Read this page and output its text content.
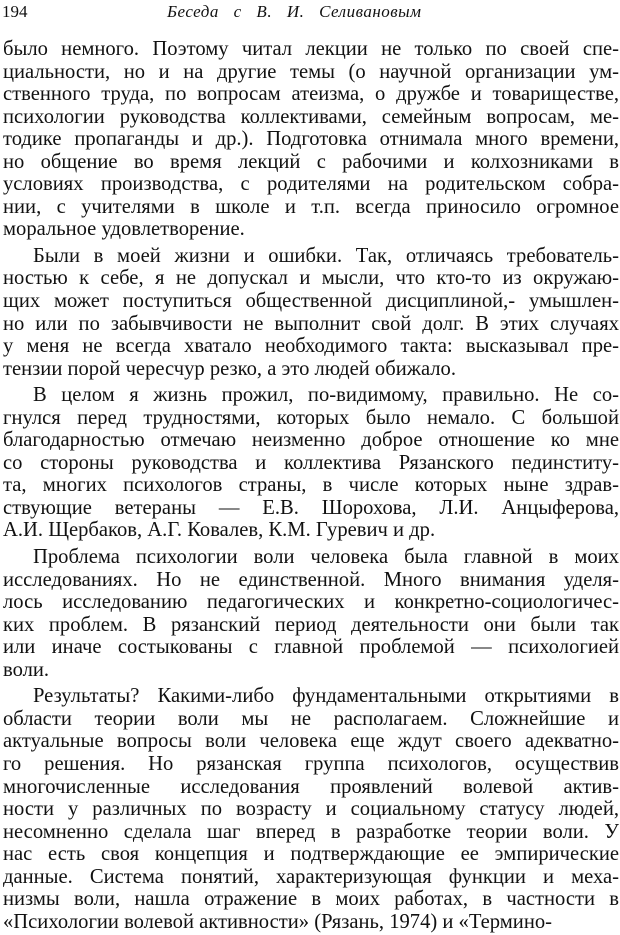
194	Беседа с В. И. Селивановым

было немного. Поэтому читал лекции не только по своей спе-
циальности, но и на другие темы (о научной организации ум-
ственного труда, по вопросам атеизма, о дружбе и товариществе,
психологии руководства коллективами, семейным вопросам, ме-
тодике пропаганды и др.). Подготовка отнимала много времени,
но общение во время лекций с рабочими и колхозниками в
условиях производства, с родителями на родительском собра-
нии, с учителями в школе и т.п. всегда приносило огромное
моральное удовлетворение.

Были в моей жизни и ошибки. Так, отличаясь требователь-
ностью к себе, я не допускал и мысли, что кто-то из окружаю-
щих может поступиться общественной дисциплиной,- умышлен-
но или по забывчивости не выполнит свой долг. В этих случаях
у меня не всегда хватало необходимого такта: высказывал пре-
тензии порой чересчур резко, а это людей обижало.

В целом я жизнь прожил, по-видимому, правильно. Не со-
гнулся перед трудностями, которых было немало. С большой
благодарностью отмечаю неизменно доброе отношение ко мне
со стороны руководства и коллектива Рязанского пединститу-
та, многих психологов страны, в числе которых ныне здрав-
ствующие ветераны — Е.В. Шорохова, Л.И. Анцыферова,
А.И. Щербаков, А.Г. Ковалев, К.М. Гуревич и др.

Проблема психологии воли человека была главной в моих
исследованиях. Но не единственной. Много внимания уделя-
лось исследованию педагогических и конкретно-социологичес-
ких проблем. В рязанский период деятельности они были так
или иначе состыкованы с главной проблемой — психологией
воли.

Результаты? Какими-либо фундаментальными открытиями в
области теории воли мы не располагаем. Сложнейшие и
актуальные вопросы воли человека еще ждут своего адекватно-
го решения. Но рязанская группа психологов, осуществив
многочисленные исследования проявлений волевой актив-
ности у различных по возрасту и социальному статусу людей,
несомненно сделала шаг вперед в разработке теории воли. У
нас есть своя концепция и подтверждающие ее эмпирические
данные. Система понятий, характеризующая функции и меха-
низмы воли, нашла отражение в моих работах, в частности в
«Психологии волевой активности» (Рязань, 1974) и «Термино-
